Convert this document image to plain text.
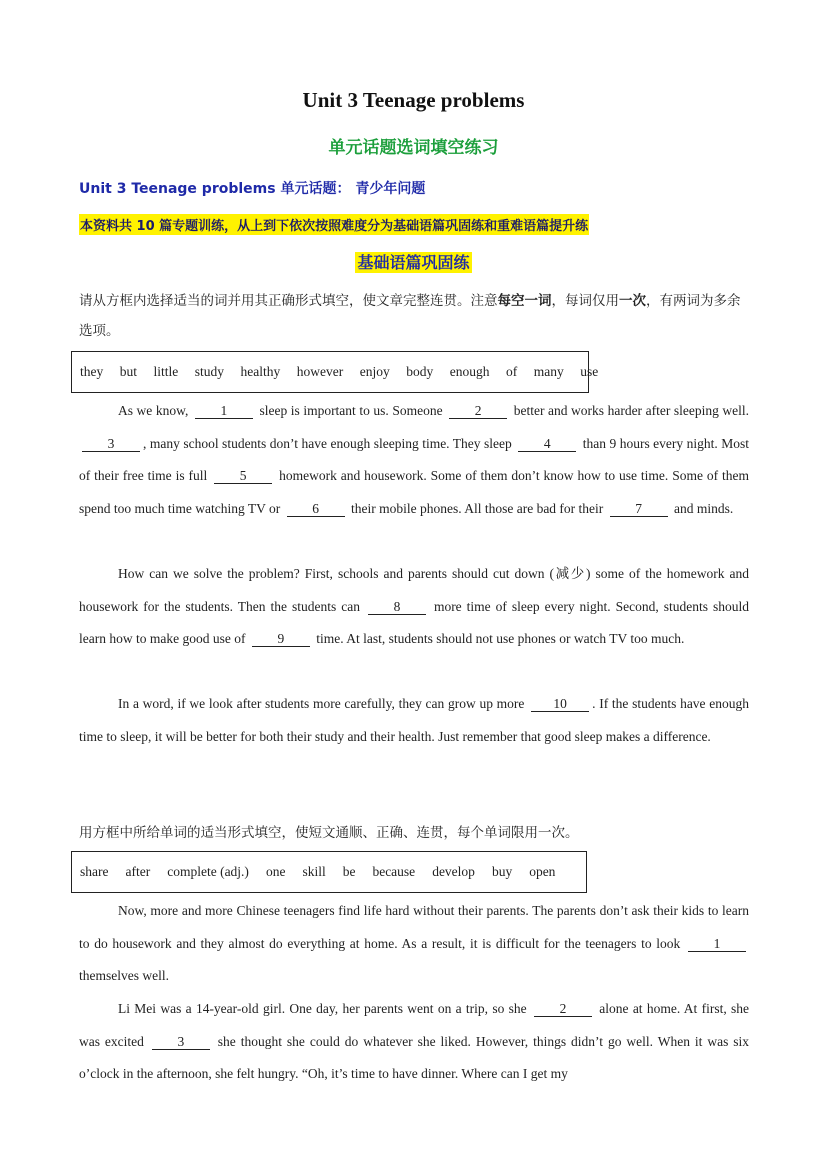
Unit 3 Teenage problems
单元话题选词填空练习
Unit 3 Teenage problems 单元话题： 青少年问题
本资料共 10 篇专题训练，从上到下依次按照难度分为基础语篇巩固练和重难语篇提升练
基础语篇巩固练
请从方框内选择适当的词并用其正确形式填空，使文章完整连贯。注意每空一词，每词仅用一次，有两词为多余选项。
they but little study healthy however enjoy body enough of many use
As we know, 1 sleep is important to us. Someone 2 better and works harder after sleeping well. 3 , many school students don’t have enough sleeping time. They sleep 4 than 9 hours every night. Most of their free time is full 5 homework and housework. Some of them don’t know how to use time. Some of them spend too much time watching TV or 6 their mobile phones. All those are bad for their 7 and minds.
How can we solve the problem? First, schools and parents should cut down (减少) some of the homework and housework for the students. Then the students can 8 more time of sleep every night. Second, students should learn how to make good use of 9 time. At last, students should not use phones or watch TV too much.
In a word, if we look after students more carefully, they can grow up more 10 . If the students have enough time to sleep, it will be better for both their study and their health. Just remember that good sleep makes a difference.
用方框中所给单词的适当形式填空，使短文通顺、正确、连贯，每个单词限用一次。
share after complete (adj.) one skill be because develop buy open
Now, more and more Chinese teenagers find life hard without their parents. The parents don’t ask their kids to learn to do housework and they almost do everything at home. As a result, it is difficult for the teenagers to look 1 themselves well.
Li Mei was a 14-year-old girl. One day, her parents went on a trip, so she 2 alone at home. At first, she was excited 3 she thought she could do whatever she liked. However, things didn’t go well. When it was six o’clock in the afternoon, she felt hungry. “Oh, it’s time to have dinner. Where can I get my
